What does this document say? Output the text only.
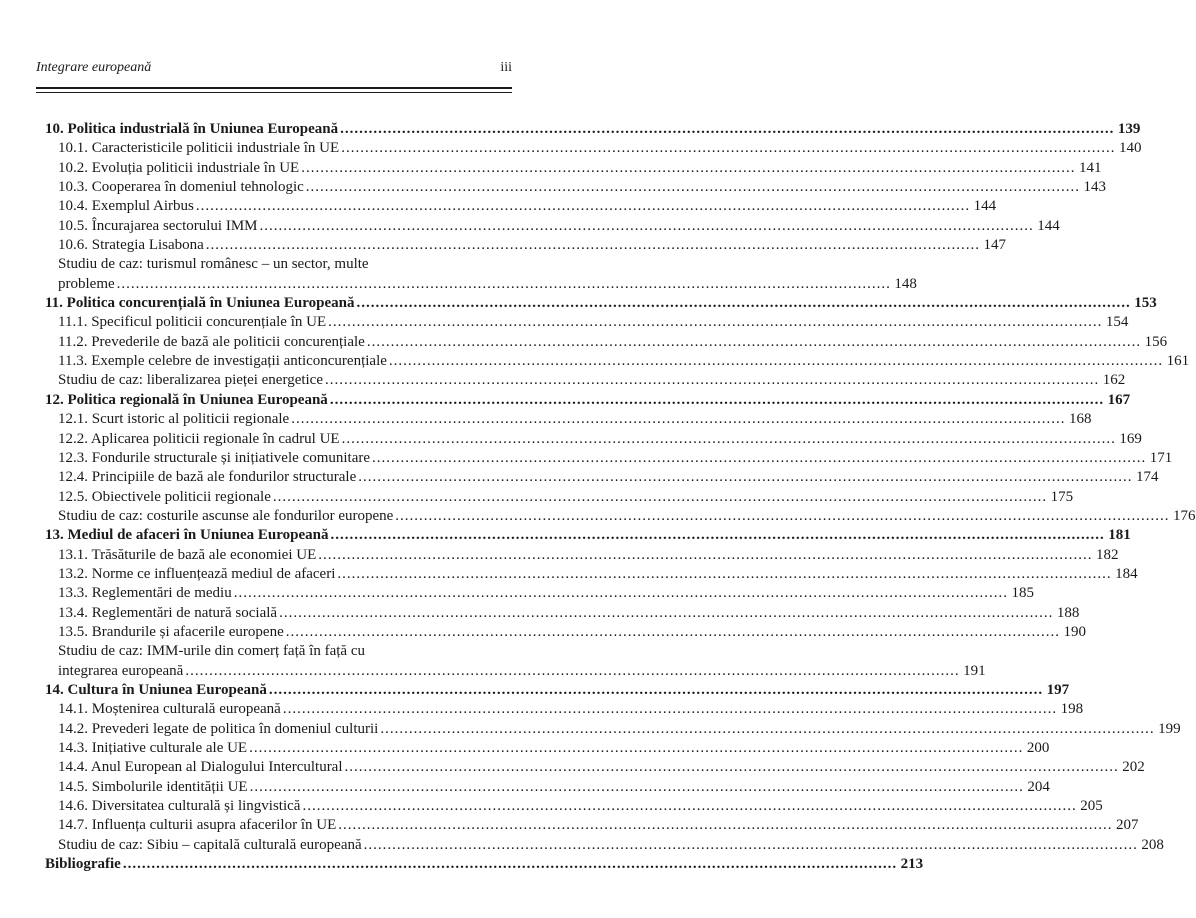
Integrare europeană	iii
10. Politica industrială în Uniunea Europeană .....	139
10.1. Caracteristicile politicii industriale în UE .....	140
10.2. Evoluția politicii industriale în UE .....	141
10.3. Cooperarea în domeniul tehnologic .....	143
10.4. Exemplul Airbus .....	144
10.5. Încurajarea sectorului IMM .....	144
10.6. Strategia Lisabona .....	147
Studiu de caz: turismul românesc – un sector, multe
probleme .....	148
11. Politica concurențială în Uniunea Europeană .....	153
11.1. Specificul politicii concurențiale în UE .....	154
11.2. Prevederile de bază ale politicii concurențiale .....	156
11.3. Exemple celebre de investigații anticoncurențiale .....	161
Studiu de caz: liberalizarea pieței energetice .....	162
12. Politica regională în Uniunea Europeană .....	167
12.1. Scurt istoric al politicii regionale .....	168
12.2. Aplicarea politicii regionale în cadrul UE .....	169
12.3. Fondurile structurale și inițiativele comunitare .....	171
12.4. Principiile de bază ale fondurilor structurale .....	174
12.5. Obiectivele politicii regionale .....	175
Studiu de caz: costurile ascunse ale fondurilor europene .....	176
13. Mediul de afaceri în Uniunea Europeană .....	181
13.1. Trăsăturile de bază ale economiei UE .....	182
13.2. Norme ce influențează mediul de afaceri .....	184
13.3. Reglementări de mediu .....	185
13.4. Reglementări de natură socială .....	188
13.5. Brandurile și afacerile europene .....	190
Studiu de caz: IMM-urile din comerț față în față cu
integrarea europeană .....	191
14. Cultura în Uniunea Europeană .....	197
14.1. Moștenirea culturală europeană .....	198
14.2. Prevederi legate de politica în domeniul culturii .....	199
14.3. Inițiative culturale ale UE .....	200
14.4. Anul European al Dialogului Intercultural .....	202
14.5. Simbolurile identității UE .....	204
14.6. Diversitatea culturală și lingvistică .....	205
14.7. Influența culturii asupra afacerilor în UE .....	207
Studiu de caz: Sibiu – capitală culturală europeană .....	208
Bibliografie .....	213
